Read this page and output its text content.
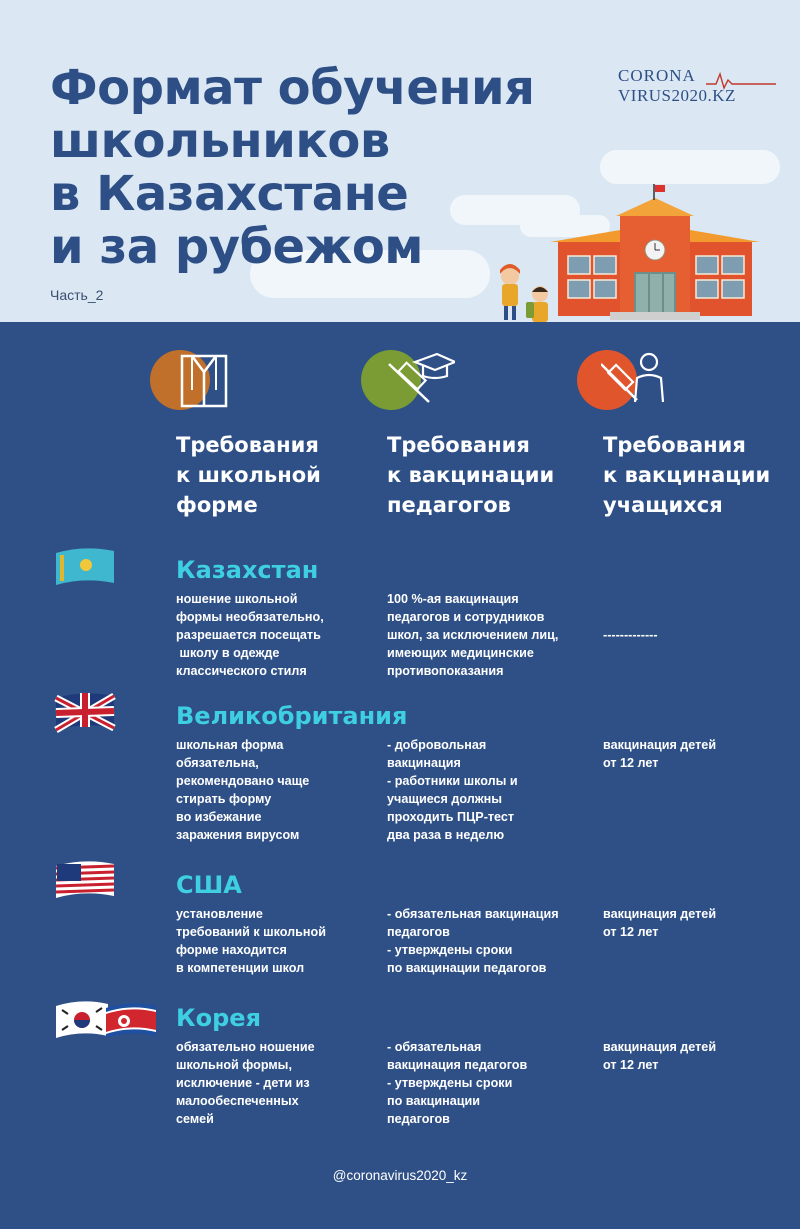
Формат обучения
школьников
в Казахстане
и за рубежом
Часть_2
CORONA
VIRUS2020.KZ
Требования
к школьной
форме
Требования
к вакцинации
педагогов
Требования
к вакцинации
учащихся
Казахстан
ношение школьной
формы необязательно,
разрешается посещать
школу в одежде
классического стиля
100 %-ая вакцинация
педагогов и сотрудников
школ, за исключением лиц,
имеющих медицинские
противопоказания
-------------
Великобритания
школьная форма
обязательна,
рекомендовано чаще
стирать форму
во избежание
заражения вирусом
- добровольная
вакцинация
- работники школы и
учащиеся должны
проходить ПЦР-тест
два раза в неделю
вакцинация детей
от 12 лет
США
установление
требований к школьной
форме находится
в компетенции школ
- обязательная вакцинация
педагогов
- утверждены сроки
по вакцинации педагогов
вакцинация детей
от 12 лет
Корея
обязательно ношение
школьной формы,
исключение - дети из
малообеспеченных
семей
- обязательная
вакцинация педагогов
- утверждены сроки
по вакцинации
педагогов
вакцинация детей
от 12 лет
@coronavirus2020_kz
